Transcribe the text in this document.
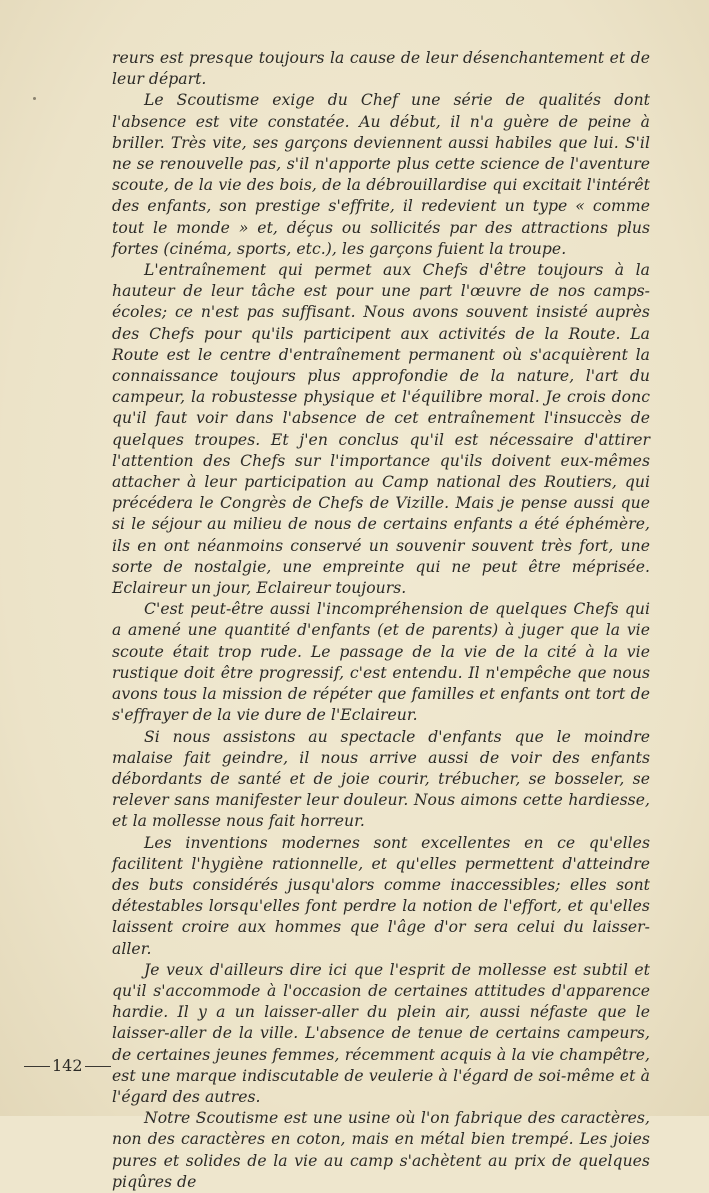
reurs est presque toujours la cause de leur désenchantement et de leur départ.

Le Scoutisme exige du Chef une série de qualités dont l'absence est vite constatée. Au début, il n'a guère de peine à briller. Très vite, ses garçons deviennent aussi habiles que lui. S'il ne se renouvelle pas, s'il n'apporte plus cette science de l'aventure scoute, de la vie des bois, de la débrouillardise qui excitait l'intérêt des enfants, son prestige s'effrite, il redevient un type « comme tout le monde » et, déçus ou sollicités par des attractions plus fortes (cinéma, sports, etc.), les garçons fuient la troupe.

L'entraînement qui permet aux Chefs d'être toujours à la hauteur de leur tâche est pour une part l'œuvre de nos camps-écoles; ce n'est pas suffisant. Nous avons souvent insisté auprès des Chefs pour qu'ils participent aux activités de la Route. La Route est le centre d'entraînement permanent où s'acquièrent la connaissance toujours plus approfondie de la nature, l'art du campeur, la robustesse physique et l'équilibre moral. Je crois donc qu'il faut voir dans l'absence de cet entraînement l'insuccès de quelques troupes. Et j'en conclus qu'il est nécessaire d'attirer l'attention des Chefs sur l'importance qu'ils doivent eux-mêmes attacher à leur participation au Camp national des Routiers, qui précédera le Congrès de Chefs de Vizille. Mais je pense aussi que si le séjour au milieu de nous de certains enfants a été éphémère, ils en ont néanmoins conservé un souvenir souvent très fort, une sorte de nostalgie, une empreinte qui ne peut être méprisée. Eclaireur un jour, Eclaireur toujours.

C'est peut-être aussi l'incompréhension de quelques Chefs qui a amené une quantité d'enfants (et de parents) à juger que la vie scoute était trop rude. Le passage de la vie de la cité à la vie rustique doit être progressif, c'est entendu. Il n'empêche que nous avons tous la mission de répéter que familles et enfants ont tort de s'effrayer de la vie dure de l'Eclaireur.

Si nous assistons au spectacle d'enfants que le moindre malaise fait geindre, il nous arrive aussi de voir des enfants débordants de santé et de joie courir, trébucher, se bosseler, se relever sans manifester leur douleur. Nous aimons cette hardiesse, et la mollesse nous fait horreur.

Les inventions modernes sont excellentes en ce qu'elles facilitent l'hygiène rationnelle, et qu'elles permettent d'atteindre des buts considérés jusqu'alors comme inaccessibles; elles sont détestables lorsqu'elles font perdre la notion de l'effort, et qu'elles laissent croire aux hommes que l'âge d'or sera celui du laisser-aller.

Je veux d'ailleurs dire ici que l'esprit de mollesse est subtil et qu'il s'accommode à l'occasion de certaines attitudes d'apparence hardie. Il y a un laisser-aller du plein air, aussi néfaste que le laisser-aller de la ville. L'absence de tenue de certains campeurs, de certaines jeunes femmes, récemment acquis à la vie champêtre, est une marque indiscutable de veulerie à l'égard de soi-même et à l'égard des autres.

Notre Scoutisme est une usine où l'on fabrique des caractères, non des caractères en coton, mais en métal bien trempé. Les joies pures et solides de la vie au camp s'achètent au prix de quelques piqûres de

142
